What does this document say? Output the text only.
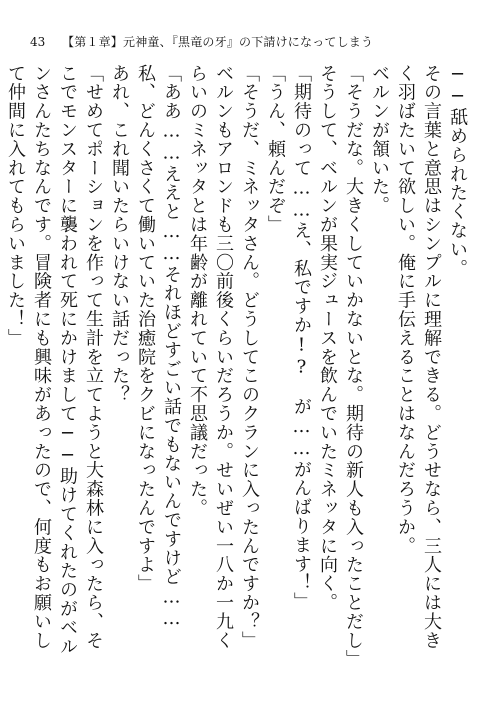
43 【第１章】元神童、『黒竜の牙』の下請けになってしまう

──舐められたくない。

その言葉と意思はシンプルに理解できる。どうせなら、三人には大きく羽ばたいて欲しい。俺に手伝えることはなんだろうか。

ベルンが頷いた。

「そうだな。大きくしていかないとな。期待の新人も入ったことだし」

そうして、ベルンが果実ジュースを飲んでいたミネッタに向く。

「期待のって……え、私ですか!?　が……がんばります！」

「うん、頼んだぞ」

「そうだ、ミネッタさん。どうしてこのクランに入ったんですか？」

ベルンもアロンドも三〇前後くらいだろうか。せいぜい一八か一九くらいのミネッタとは年齢が離れていて不思議だった。

「ああ……ええと……それほどすごい話でもないんですけど……私、どんくさくて働いていた治癒院をクビになったんですよ」

あれ、これ聞いたらいけない話だった？

「せめてポーションを作って生計を立てようと大森林に入ったら、そこでモンスターに襲われて死にかけまして──助けてくれたのがベルンさんたちなんです。冒険者にも興味があったので、何度もお願いして仲間に入れてもらいました！」
